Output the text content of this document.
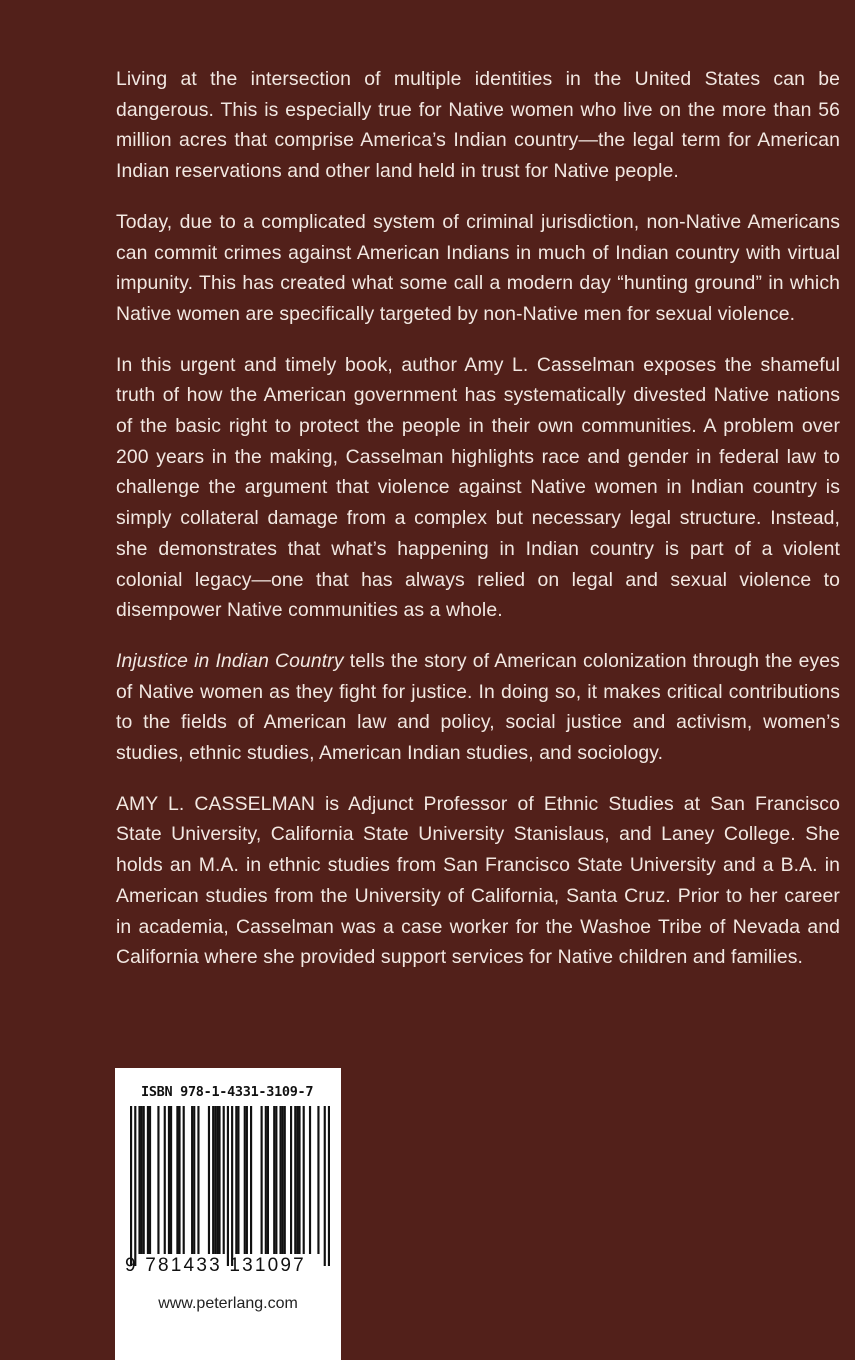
Living at the intersection of multiple identities in the United States can be dangerous. This is especially true for Native women who live on the more than 56 million acres that comprise America’s Indian country—the legal term for American Indian reservations and other land held in trust for Native people.

Today, due to a complicated system of criminal jurisdiction, non-Native Americans can commit crimes against American Indians in much of Indian country with virtual impunity. This has created what some call a modern day “hunting ground” in which Native women are specifically targeted by non-Native men for sexual violence.

In this urgent and timely book, author Amy L. Casselman exposes the shameful truth of how the American government has systematically divested Native nations of the basic right to protect the people in their own communities. A problem over 200 years in the making, Casselman highlights race and gender in federal law to challenge the argument that violence against Native women in Indian country is simply collateral damage from a complex but necessary legal structure. Instead, she demonstrates that what’s happening in Indian country is part of a violent colonial legacy—one that has always relied on legal and sexual violence to disempower Native communities as a whole.

Injustice in Indian Country tells the story of American colonization through the eyes of Native women as they fight for justice. In doing so, it makes critical contributions to the fields of American law and policy, social justice and activism, women’s studies, ethnic studies, American Indian studies, and sociology.

AMY L. CASSELMAN is Adjunct Professor of Ethnic Studies at San Francisco State University, California State University Stanislaus, and Laney College. She holds an M.A. in ethnic studies from San Francisco State University and a B.A. in American studies from the University of California, Santa Cruz. Prior to her career in academia, Casselman was a case worker for the Washoe Tribe of Nevada and California where she provided support services for Native children and families.

ISBN 978-1-4331-3109-7
9 781433 131097
www.peterlang.com
